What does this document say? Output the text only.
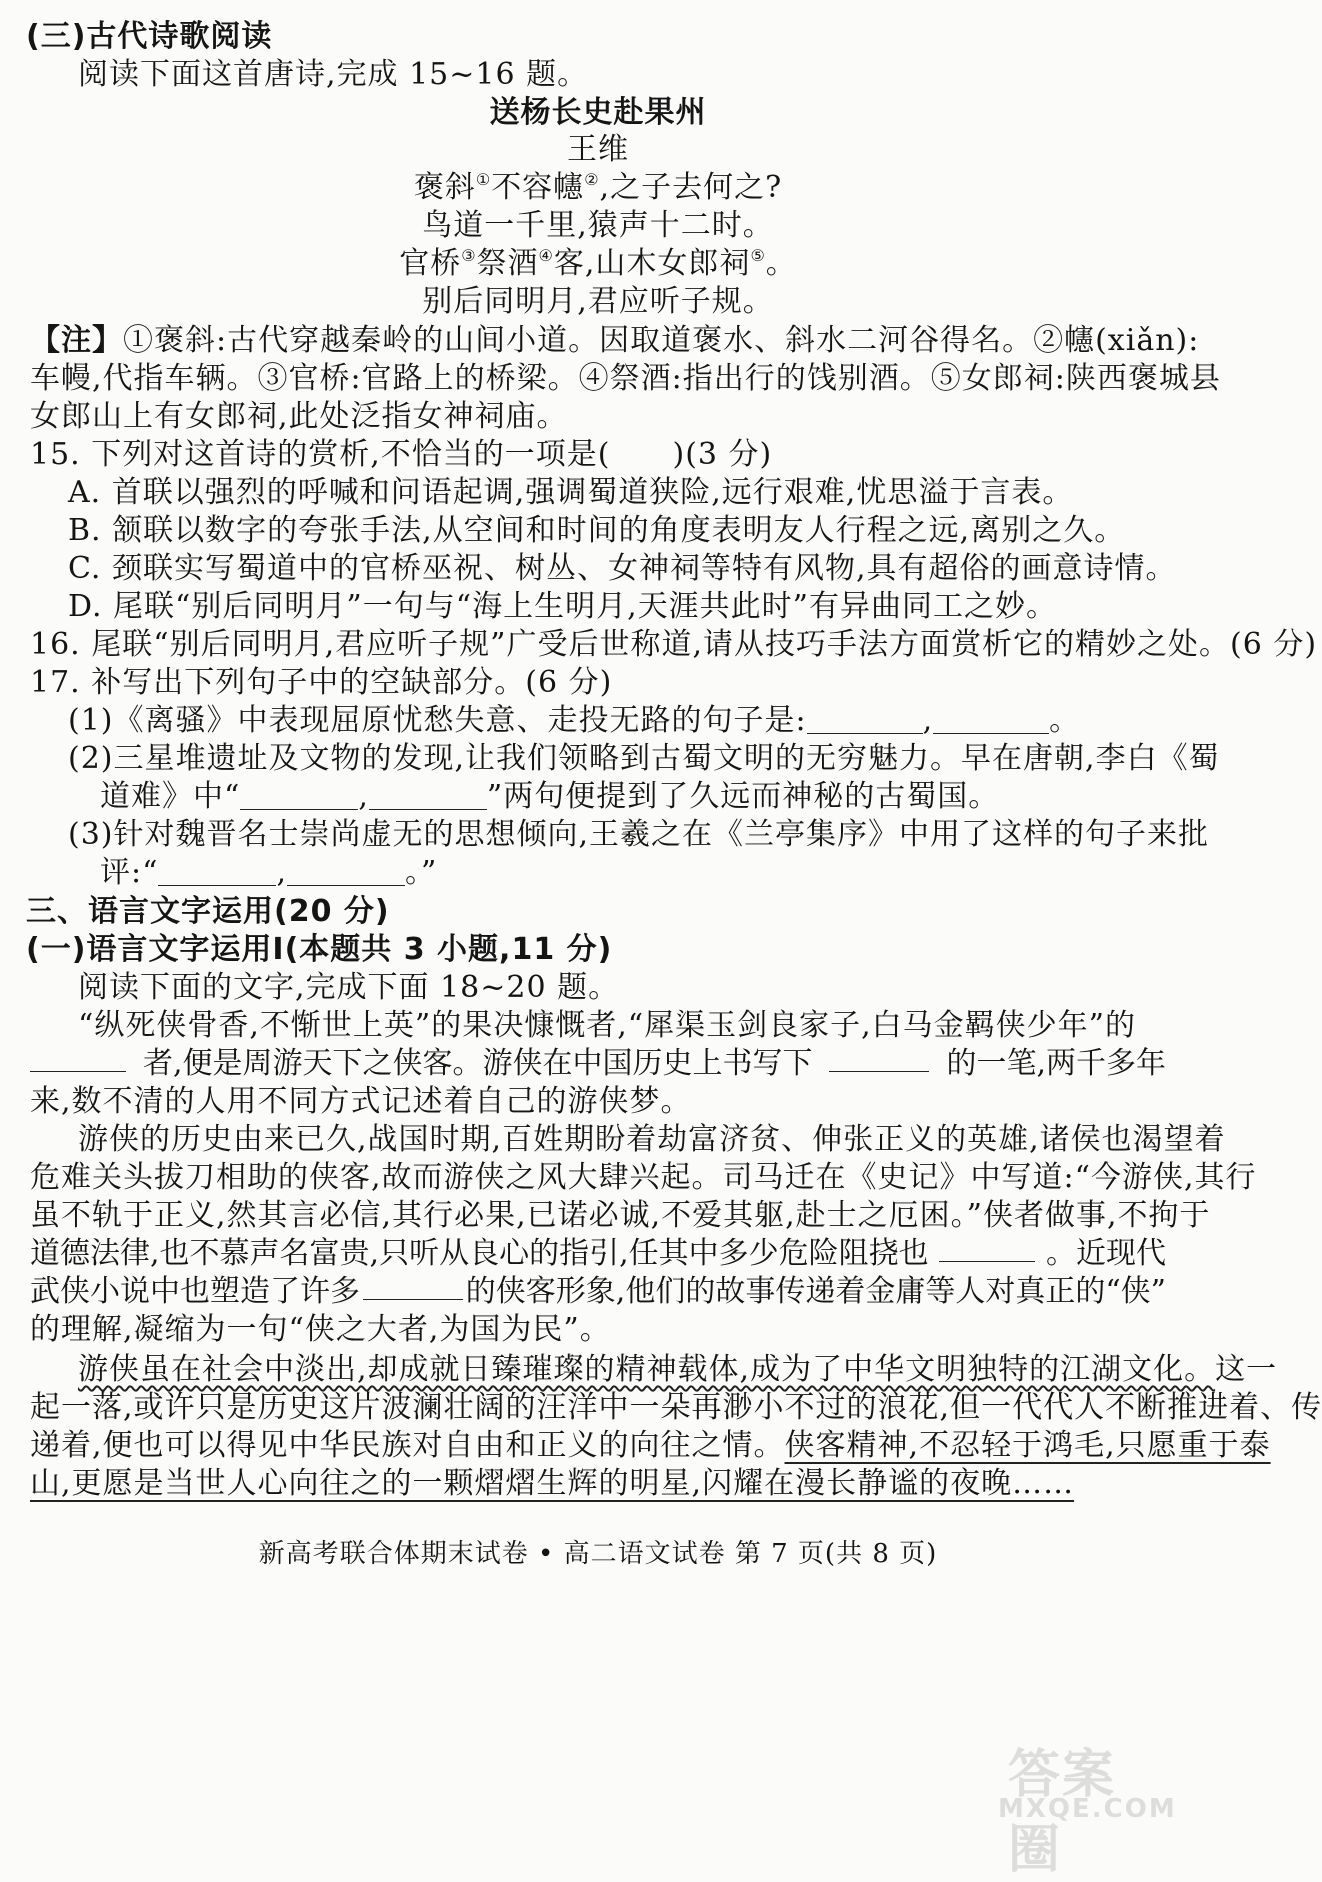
(三)古代诗歌阅读
阅读下面这首唐诗,完成 15~16 题。
送杨长史赴果州
王维
褒斜①不容幰②,之子去何之?
鸟道一千里,猿声十二时。
官桥③祭酒④客,山木女郎祠⑤。
别后同明月,君应听子规。
【注】①褒斜:古代穿越秦岭的山间小道。因取道褒水、斜水二河谷得名。②幰(xiǎn):
车幔,代指车辆。③官桥:官路上的桥梁。④祭酒:指出行的饯别酒。⑤女郎祠:陕西褒城县
女郎山上有女郎祠,此处泛指女神祠庙。
15. 下列对这首诗的赏析,不恰当的一项是( )(3 分)
A. 首联以强烈的呼喊和问语起调,强调蜀道狭险,远行艰难,忧思溢于言表。
B. 颔联以数字的夸张手法,从空间和时间的角度表明友人行程之远,离别之久。
C. 颈联实写蜀道中的官桥巫祝、树丛、女神祠等特有风物,具有超俗的画意诗情。
D. 尾联“别后同明月”一句与“海上生明月,天涯共此时”有异曲同工之妙。
16. 尾联“别后同明月,君应听子规”广受后世称道,请从技巧手法方面赏析它的精妙之处。(6 分)
17. 补写出下列句子中的空缺部分。(6 分)
(1)《离骚》中表现屈原忧愁失意、走投无路的句子是:	,	。
(2)三星堆遗址及文物的发现,让我们领略到古蜀文明的无穷魅力。早在唐朝,李白《蜀
道难》中“	,	”两句便提到了久远而神秘的古蜀国。
(3)针对魏晋名士崇尚虚无的思想倾向,王羲之在《兰亭集序》中用了这样的句子来批
评:“	,	。”
三、语言文字运用(20 分)
(一)语言文字运用Ⅰ(本题共 3 小题,11 分)
阅读下面的文字,完成下面 18~20 题。
“纵死侠骨香,不惭世上英”的果决慷慨者,“犀渠玉剑良家子,白马金羁侠少年”的
者,便是周游天下之侠客。游侠在中国历史上书写下	的一笔,两千多年
来,数不清的人用不同方式记述着自己的游侠梦。
游侠的历史由来已久,战国时期,百姓期盼着劫富济贫、伸张正义的英雄,诸侯也渴望着
危难关头拔刀相助的侠客,故而游侠之风大肆兴起。司马迁在《史记》中写道:“今游侠,其行
虽不轨于正义,然其言必信,其行必果,已诺必诚,不爱其躯,赴士之厄困。”侠者做事,不拘于
道德法律,也不慕声名富贵,只听从良心的指引,任其中多少危险阻挠也	。近现代
武侠小说中也塑造了许多	的侠客形象,他们的故事传递着金庸等人对真正的“侠”
的理解,凝缩为一句“侠之大者,为国为民”。
游侠虽在社会中淡出,却成就日臻璀璨的精神载体,成为了中华文明独特的江湖文化。这一
起一落,或许只是历史这片波澜壮阔的汪洋中一朵再渺小不过的浪花,但一代代人不断推进着、传
递着,便也可以得见中华民族对自由和正义的向往之情。侠客精神,不忍轻于鸿毛,只愿重于泰
山,更愿是当世人心向往之的一颗熠熠生辉的明星,闪耀在漫长静谧的夜晚……
新高考联合体期末试卷 • 高二语文试卷 第 7 页(共 8 页)
答案圈
MXQE.COM
